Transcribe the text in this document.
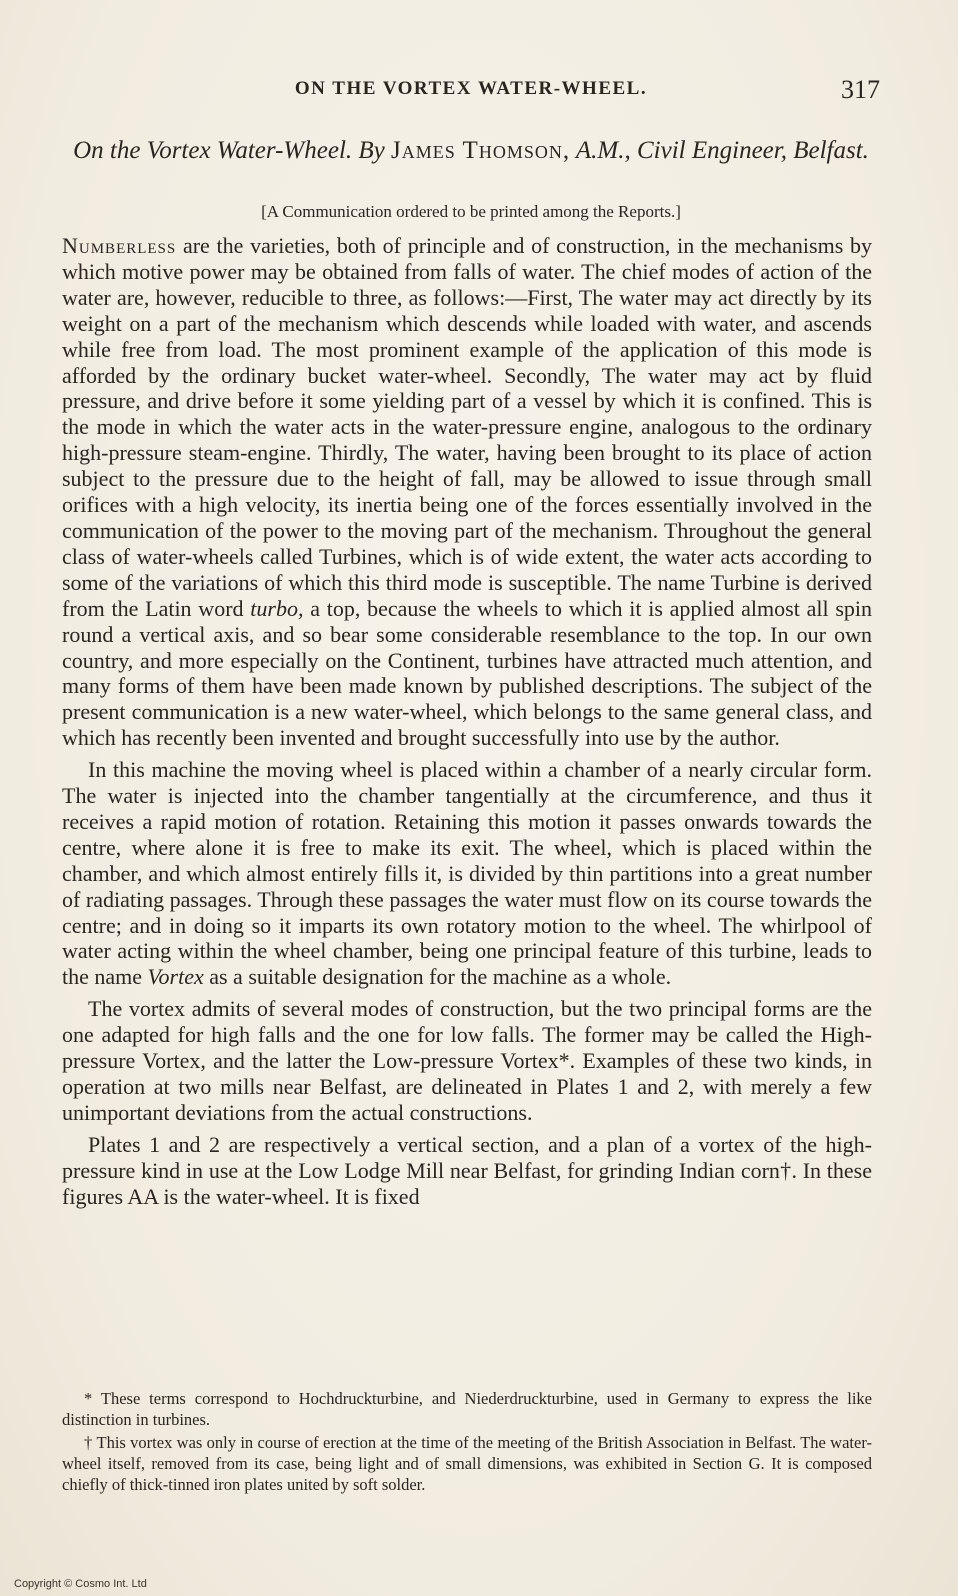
ON THE VORTEX WATER-WHEEL.	317
On the Vortex Water-Wheel. By James Thomson, A.M., Civil Engineer, Belfast.
[A Communication ordered to be printed among the Reports.]

Numberless are the varieties, both of principle and of construction, in the mechanisms by which motive power may be obtained from falls of water. The chief modes of action of the water are, however, reducible to three, as follows:—First, The water may act directly by its weight on a part of the mechanism which descends while loaded with water, and ascends while free from load. The most prominent example of the application of this mode is afforded by the ordinary bucket water-wheel. Secondly, The water may act by fluid pressure, and drive before it some yielding part of a vessel by which it is confined. This is the mode in which the water acts in the water-pressure engine, analogous to the ordinary high-pressure steam-engine. Thirdly, The water, having been brought to its place of action subject to the pressure due to the height of fall, may be allowed to issue through small orifices with a high velocity, its inertia being one of the forces essentially involved in the communication of the power to the moving part of the mechanism. Throughout the general class of water-wheels called Turbines, which is of wide extent, the water acts according to some of the variations of which this third mode is susceptible. The name Turbine is derived from the Latin word turbo, a top, because the wheels to which it is applied almost all spin round a vertical axis, and so bear some considerable resemblance to the top. In our own country, and more especially on the Continent, turbines have attracted much attention, and many forms of them have been made known by published descriptions. The subject of the present communication is a new water-wheel, which belongs to the same general class, and which has recently been invented and brought successfully into use by the author.

In this machine the moving wheel is placed within a chamber of a nearly circular form. The water is injected into the chamber tangentially at the circumference, and thus it receives a rapid motion of rotation. Retaining this motion it passes onwards towards the centre, where alone it is free to make its exit. The wheel, which is placed within the chamber, and which almost entirely fills it, is divided by thin partitions into a great number of radiating passages. Through these passages the water must flow on its course towards the centre; and in doing so it imparts its own rotatory motion to the wheel. The whirlpool of water acting within the wheel chamber, being one principal feature of this turbine, leads to the name Vortex as a suitable designation for the machine as a whole.

The vortex admits of several modes of construction, but the two principal forms are the one adapted for high falls and the one for low falls. The former may be called the High-pressure Vortex, and the latter the Low-pressure Vortex*. Examples of these two kinds, in operation at two mills near Belfast, are delineated in Plates 1 and 2, with merely a few unimportant deviations from the actual constructions.

Plates 1 and 2 are respectively a vertical section, and a plan of a vortex of the high-pressure kind in use at the Low Lodge Mill near Belfast, for grinding Indian corn†. In these figures AA is the water-wheel. It is fixed

* These terms correspond to Hochdruckturbine, and Niederdruckturbine, used in Germany to express the like distinction in turbines.

† This vortex was only in course of erection at the time of the meeting of the British Association in Belfast. The water-wheel itself, removed from its case, being light and of small dimensions, was exhibited in Section G. It is composed chiefly of thick-tinned iron plates united by soft solder.

Copyright © Cosmo Int. Ltd
